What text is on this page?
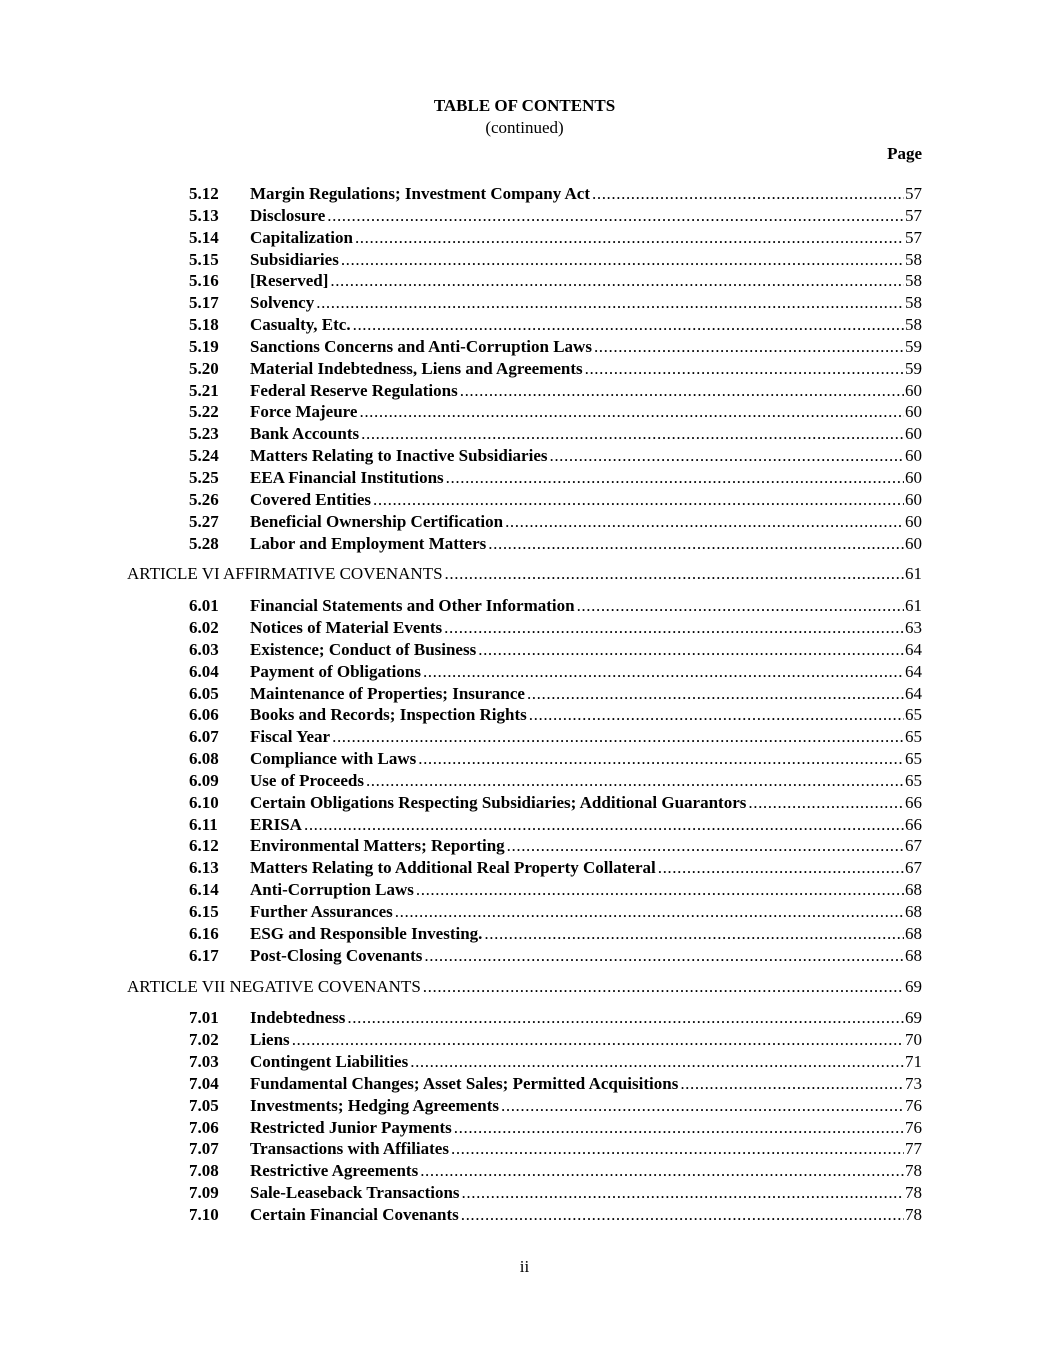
TABLE OF CONTENTS
(continued)
Page
5.12	Margin Regulations; Investment Company Act .....	57
5.13	Disclosure .....	57
5.14	Capitalization .....	57
5.15	Subsidiaries .....	58
5.16	[Reserved] .....	58
5.17	Solvency .....	58
5.18	Casualty, Etc. .....	58
5.19	Sanctions Concerns and Anti-Corruption Laws .....	59
5.20	Material Indebtedness, Liens and Agreements .....	59
5.21	Federal Reserve Regulations .....	60
5.22	Force Majeure .....	60
5.23	Bank Accounts .....	60
5.24	Matters Relating to Inactive Subsidiaries .....	60
5.25	EEA Financial Institutions .....	60
5.26	Covered Entities .....	60
5.27	Beneficial Ownership Certification .....	60
5.28	Labor and Employment Matters .....	60
ARTICLE VI AFFIRMATIVE COVENANTS .....	61
6.01	Financial Statements and Other Information .....	61
6.02	Notices of Material Events .....	63
6.03	Existence; Conduct of Business .....	64
6.04	Payment of Obligations .....	64
6.05	Maintenance of Properties; Insurance .....	64
6.06	Books and Records; Inspection Rights .....	65
6.07	Fiscal Year .....	65
6.08	Compliance with Laws .....	65
6.09	Use of Proceeds .....	65
6.10	Certain Obligations Respecting Subsidiaries; Additional Guarantors .....	66
6.11	ERISA .....	66
6.12	Environmental Matters; Reporting .....	67
6.13	Matters Relating to Additional Real Property Collateral .....	67
6.14	Anti-Corruption Laws .....	68
6.15	Further Assurances .....	68
6.16	ESG and Responsible Investing. .....	68
6.17	Post-Closing Covenants .....	68
ARTICLE VII NEGATIVE COVENANTS .....	69
7.01	Indebtedness .....	69
7.02	Liens .....	70
7.03	Contingent Liabilities .....	71
7.04	Fundamental Changes; Asset Sales; Permitted Acquisitions .....	73
7.05	Investments; Hedging Agreements .....	76
7.06	Restricted Junior Payments .....	76
7.07	Transactions with Affiliates .....	77
7.08	Restrictive Agreements .....	78
7.09	Sale-Leaseback Transactions .....	78
7.10	Certain Financial Covenants .....	78
ii
